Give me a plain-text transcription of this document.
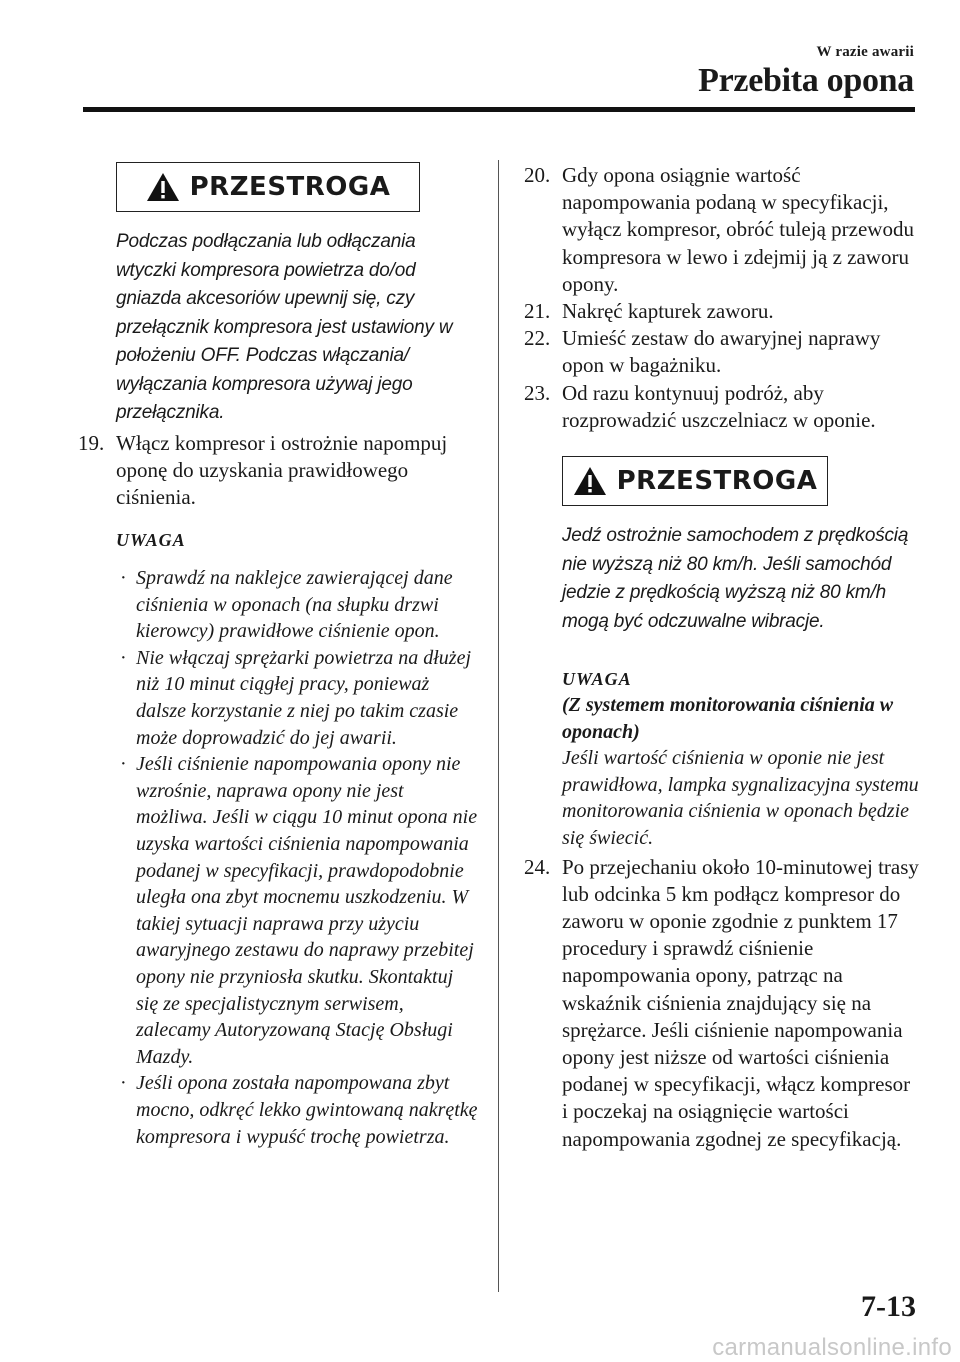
W razie awarii
Przebita opona
PRZESTROGA

Podczas podłączania lub odłączania wtyczki kompresora powietrza do/od gniazda akcesoriów upewnij się, czy przełącznik kompresora jest ustawiony w położeniu OFF. Podczas włączania/ wyłączania kompresora używaj jego przełącznika.

19. Włącz kompresor i ostrożnie napompuj oponę do uzyskania prawidłowego ciśnienia.
UWAGA
· Sprawdź na naklejce zawierającej dane ciśnienia w oponach (na słupku drzwi kierowcy) prawidłowe ciśnienie opon.
· Nie włączaj sprężarki powietrza na dłużej niż 10 minut ciągłej pracy, ponieważ dalsze korzystanie z niej po takim czasie może doprowadzić do jej awarii.
· Jeśli ciśnienie napompowania opony nie wzrośnie, naprawa opony nie jest możliwa. Jeśli w ciągu 10 minut opona nie uzyska wartości ciśnienia napompowania podanej w specyfikacji, prawdopodobnie uległa ona zbyt mocnemu uszkodzeniu. W takiej sytuacji naprawa przy użyciu awaryjnego zestawu do naprawy przebitej opony nie przyniosła skutku. Skontaktuj się ze specjalistycznym serwisem, zalecamy Autoryzowaną Stację Obsługi Mazdy.
· Jeśli opona została napompowana zbyt mocno, odkręć lekko gwintowaną nakrętkę kompresora i wypuść trochę powietrza.
20. Gdy opona osiągnie wartość napompowania podaną w specyfikacji, wyłącz kompresor, obróć tuleją przewodu kompresora w lewo i zdejmij ją z zaworu opony.
21. Nakręć kapturek zaworu.
22. Umieść zestaw do awaryjnej naprawy opon w bagażniku.
23. Od razu kontynuuj podróż, aby rozprowadzić uszczelniacz w oponie.
PRZESTROGA

Jedź ostrożnie samochodem z prędkością nie wyższą niż 80 km/h. Jeśli samochód jedzie z prędkością wyższą niż 80 km/h mogą być odczuwalne wibracje.

UWAGA
(Z systemem monitorowania ciśnienia w oponach)
Jeśli wartość ciśnienia w oponie nie jest prawidłowa, lampka sygnalizacyjna systemu monitorowania ciśnienia w oponach będzie się świecić.
24. Po przejechaniu około 10-minutowej trasy lub odcinka 5 km podłącz kompresor do zaworu w oponie zgodnie z punktem 17 procedury i sprawdź ciśnienie napompowania opony, patrząc na wskaźnik ciśnienia znajdujący się na sprężarce. Jeśli ciśnienie napompowania opony jest niższe od wartości ciśnienia podanej w specyfikacji, włącz kompresor i poczekaj na osiągnięcie wartości napompowania zgodnej ze specyfikacją.
7-13
carmanualsonline.info
